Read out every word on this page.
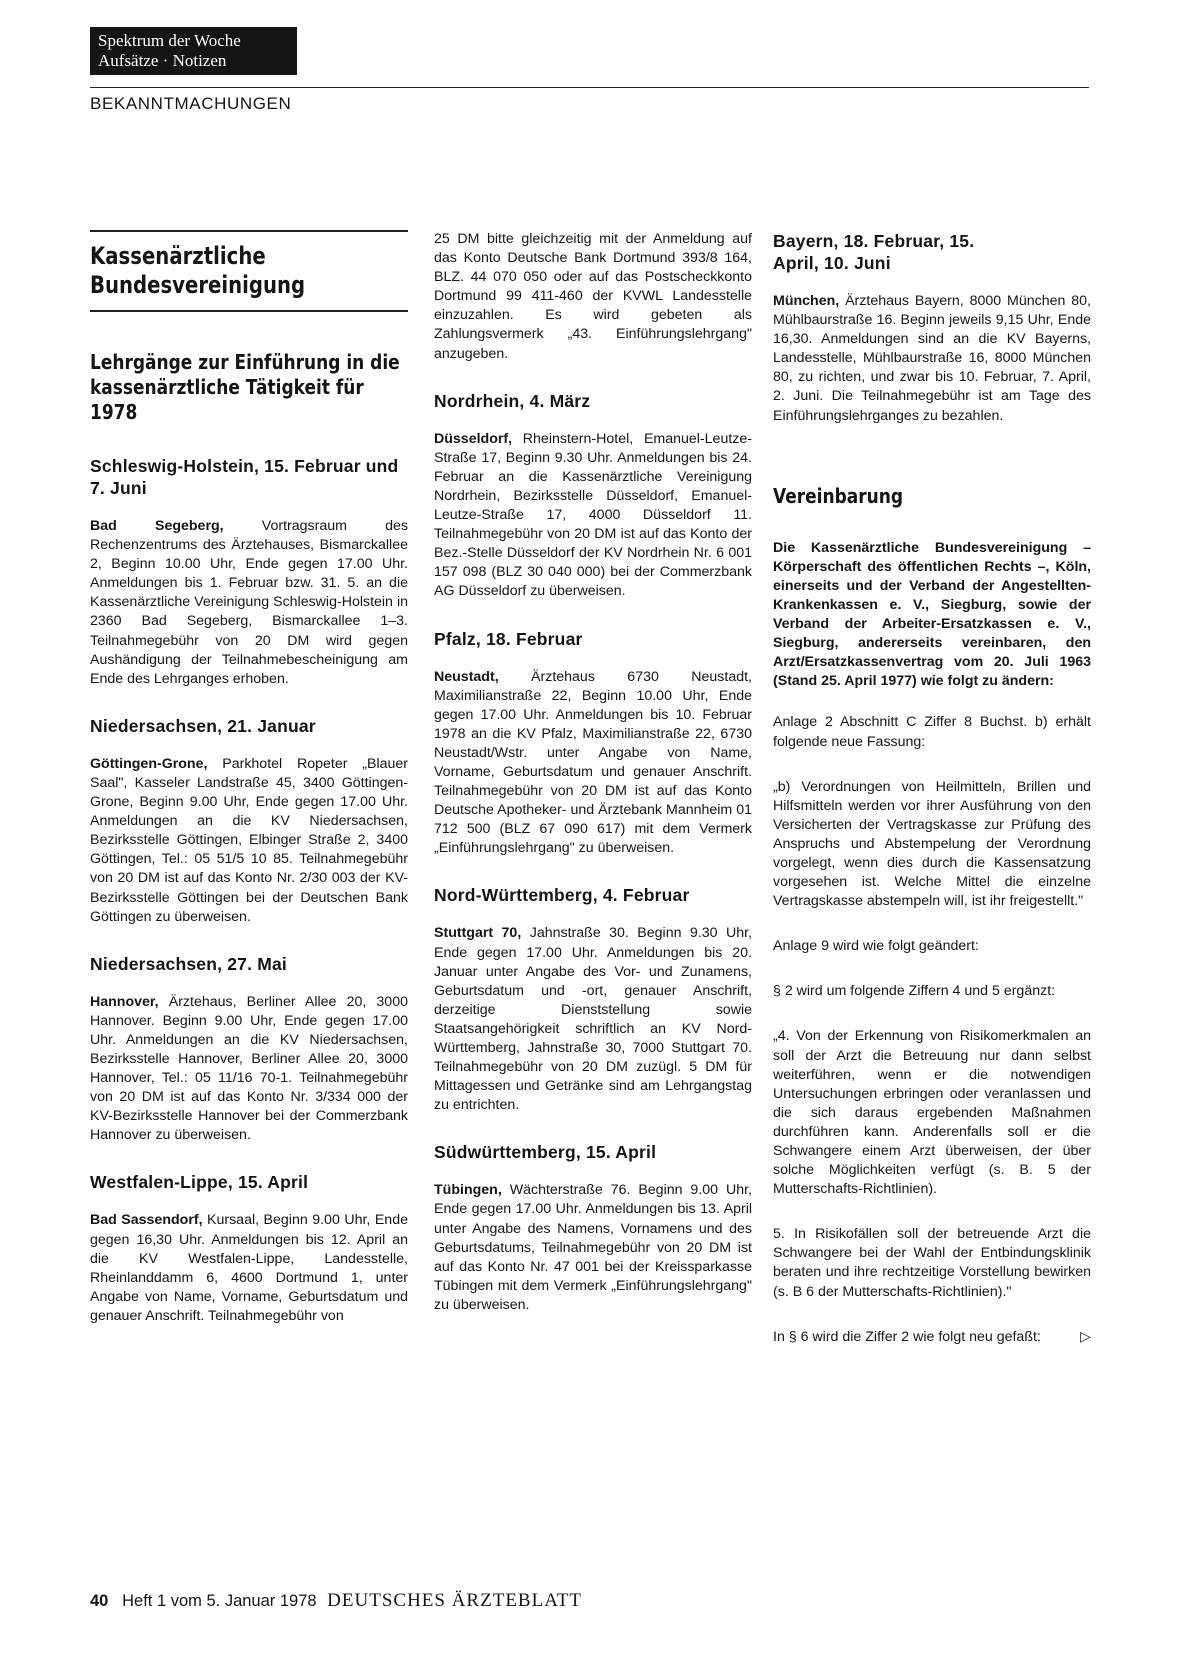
Spektrum der Woche
Aufsätze · Notizen
BEKANNTMACHUNGEN
Kassenärztliche Bundesvereinigung
Lehrgänge zur Einführung in die kassenärztliche Tätigkeit für 1978
Schleswig-Holstein, 15. Februar und 7. Juni

Bad Segeberg,	Vortragsraum des Rechenzentrums des Ärztehauses, Bismarckallee 2, Beginn 10.00 Uhr, Ende gegen 17.00 Uhr. Anmeldungen bis 1. Februar bzw. 31. 5. an die Kassenärztliche Vereinigung Schleswig-Holstein in 2360 Bad Segeberg, Bismarckallee 1–3. Teilnahmegebühr von 20 DM wird gegen Aushändigung der Teilnahmebescheinigung am Ende des Lehrganges erhoben.

Niedersachsen, 21. Januar

Göttingen-Grone, Parkhotel Ropeter „Blauer Saal", Kasseler Landstraße 45, 3400 Göttingen-Grone, Beginn 9.00 Uhr, Ende gegen 17.00 Uhr. Anmeldungen an die KV Niedersachsen, Bezirksstelle Göttingen, Elbinger Straße 2, 3400 Göttingen, Tel.: 05 51/5 10 85. Teilnahmegebühr von 20 DM ist auf das Konto Nr. 2/30 003 der KV-Bezirksstelle Göttingen bei der Deutschen Bank Göttingen zu überweisen.

Niedersachsen, 27. Mai

Hannover, Ärztehaus, Berliner Allee 20, 3000 Hannover. Beginn 9.00 Uhr, Ende gegen 17.00 Uhr. Anmeldungen an die KV Niedersachsen, Bezirksstelle Hannover, Berliner Allee 20, 3000 Hannover, Tel.: 05 11/16 70-1. Teilnahmegebühr von 20 DM ist auf das Konto Nr. 3/334 000 der KV-Bezirksstelle Hannover bei der Commerzbank Hannover zu überweisen.

Westfalen-Lippe, 15. April

Bad Sassendorf, Kursaal, Beginn 9.00 Uhr, Ende gegen 16,30 Uhr. Anmeldungen bis 12. April an die KV Westfalen-Lippe, Landesstelle, Rheinlanddamm 6, 4600 Dortmund 1, unter Angabe von Name, Vorname, Geburtsdatum und genauer Anschrift. Teilnahmegebühr von

25 DM bitte gleichzeitig mit der Anmeldung auf das Konto Deutsche Bank Dortmund 393/8 164, BLZ. 44 070 050 oder auf das Postscheckkonto Dortmund 99 411-460 der KVWL Landesstelle einzuzahlen. Es wird gebeten als Zahlungsvermerk „43. Einführungslehrgang" anzugeben.

Nordrhein, 4. März

Düsseldorf, Rheinstern-Hotel, Emanuel-Leutze-Straße 17, Beginn 9.30 Uhr. Anmeldungen bis 24. Februar an die Kassenärztliche Vereinigung Nordrhein, Bezirksstelle Düsseldorf, Emanuel-Leutze-Straße 17, 4000 Düsseldorf 11. Teilnahmegebühr von 20 DM ist auf das Konto der Bez.-Stelle Düsseldorf der KV Nordrhein Nr. 6 001 157 098 (BLZ 30 040 000) bei der Commerzbank AG Düsseldorf zu überweisen.

Pfalz, 18. Februar

Neustadt, Ärztehaus 6730 Neustadt, Maximilianstraße 22, Beginn 10.00 Uhr, Ende gegen 17.00 Uhr. Anmeldungen bis 10. Februar 1978 an die KV Pfalz, Maximilianstraße 22, 6730 Neustadt/Wstr. unter Angabe von Name, Vorname, Geburtsdatum und genauer Anschrift. Teilnahmegebühr von 20 DM ist auf das Konto Deutsche Apotheker- und Ärztebank Mannheim 01 712 500 (BLZ 67 090 617) mit dem Vermerk „Einführungslehrgang" zu überweisen.

Nord-Württemberg, 4. Februar

Stuttgart 70, Jahnstraße 30. Beginn 9.30 Uhr, Ende gegen 17.00 Uhr. Anmeldungen bis 20. Januar unter Angabe des Vor- und Zunamens, Geburtsdatum und -ort, genauer Anschrift, derzeitige Dienststellung sowie Staatsangehörigkeit schriftlich an KV Nord-Württemberg, Jahnstraße 30, 7000 Stuttgart 70. Teilnahmegebühr von 20 DM zuzügl. 5 DM für Mittagessen und Getränke sind am Lehrgangstag zu entrichten.

Südwürttemberg, 15. April

Tübingen, Wächterstraße 76. Beginn 9.00 Uhr, Ende gegen 17.00 Uhr. Anmeldungen bis 13. April unter Angabe des Namens, Vornamens und des Geburtsdatums, Teilnahmegebühr von 20 DM ist auf das Konto Nr. 47 001 bei der Kreissparkasse Tübingen mit dem Vermerk „Einführungslehrgang" zu überweisen.

Bayern, 18. Februar, 15. April, 10. Juni

München, Ärztehaus Bayern, 8000 München 80, Mühlbaurstraße 16. Beginn jeweils 9,15 Uhr, Ende 16,30. Anmeldungen sind an die KV Bayerns, Landesstelle, Mühlbaurstraße 16, 8000 München 80, zu richten, und zwar bis 10. Februar, 7. April, 2. Juni. Die Teilnahmegebühr ist am Tage des Einführungslehrganges zu bezahlen.

Vereinbarung

Die Kassenärztliche Bundesvereinigung – Körperschaft des öffentlichen Rechts –, Köln, einerseits und der Verband der Angestellten-Krankenkassen e. V., Siegburg, sowie der Verband der Arbeiter-Ersatzkassen e. V., Siegburg, andererseits vereinbaren, den Arzt/Ersatzkassenvertrag vom 20. Juli 1963 (Stand 25. April 1977) wie folgt zu ändern:

Anlage 2 Abschnitt C Ziffer 8 Buchst. b) erhält folgende neue Fassung:

„b) Verordnungen von Heilmitteln, Brillen und Hilfsmitteln werden vor ihrer Ausführung von den Versicherten der Vertragskasse zur Prüfung des Anspruchs und Abstempelung der Verordnung vorgelegt, wenn dies durch die Kassensatzung vorgesehen ist. Welche Mittel die einzelne Vertragskasse abstempeln will, ist ihr freigestellt."

Anlage 9 wird wie folgt geändert:

§ 2 wird um folgende Ziffern 4 und 5 ergänzt:

„4. Von der Erkennung von Risikomerkmalen an soll der Arzt die Betreuung nur dann selbst weiterführen, wenn er die notwendigen Untersuchungen erbringen oder veranlassen und die sich daraus ergebenden Maßnahmen durchführen kann. Anderenfalls soll er die Schwangere einem Arzt überweisen, der über solche Möglichkeiten verfügt (s. B. 5 der Mutterschafts-Richtlinien).

5. In Risikofällen soll der betreuende Arzt die Schwangere bei der Wahl der Entbindungsklinik beraten und ihre rechtzeitige Vorstellung bewirken (s. B 6 der Mutterschafts-Richtlinien)."

In § 6 wird die Ziffer 2 wie folgt neu gefaßt:	▷

40 Heft 1 vom 5. Januar 1978 DEUTSCHES ÄRZTEBLATT
